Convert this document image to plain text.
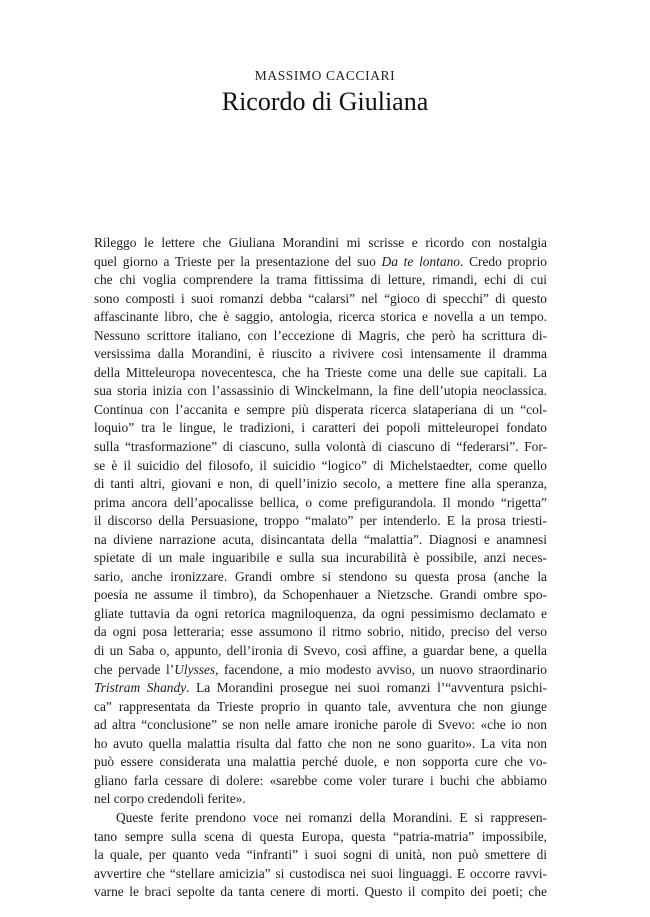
MASSIMO CACCIARI
Ricordo di Giuliana

Rileggo le lettere che Giuliana Morandini mi scrisse e ricordo con nostalgia
quel giorno a Trieste per la presentazione del suo Da te lontano. Credo proprio
che chi voglia comprendere la trama fittissima di letture, rimandi, echi di cui
sono composti i suoi romanzi debba “calarsi” nel “gioco di specchi” di questo
affascinante libro, che è saggio, antologia, ricerca storica e novella a un tempo.
Nessuno scrittore italiano, con l’eccezione di Magris, che però ha scrittura di-
versissima dalla Morandini, è riuscito a rivivere così intensamente il dramma
della Mitteleuropa novecentesca, che ha Trieste come una delle sue capitali. La
sua storia inizia con l’assassinio di Winckelmann, la fine dell’utopia neoclassica.
Continua con l’accanita e sempre più disperata ricerca slataperiana di un “col-
loquio” tra le lingue, le tradizioni, i caratteri dei popoli mitteleuropei fondato
sulla “trasformazione” di ciascuno, sulla volontà di ciascuno di “federarsi”. For-
se è il suicidio del filosofo, il suicidio “logico” di Michelstaedter, come quello
di tanti altri, giovani e non, di quell’inizio secolo, a mettere fine alla speranza,
prima ancora dell’apocalisse bellica, o come prefigurandola. Il mondo “rigetta”
il discorso della Persuasione, troppo “malato” per intenderlo. E la prosa triesti-
na diviene narrazione acuta, disincantata della “malattia”. Diagnosi e anamnesi
spietate di un male inguaribile e sulla sua incurabilità è possibile, anzi neces-
sario, anche ironizzare. Grandi ombre si stendono su questa prosa (anche la
poesia ne assume il timbro), da Schopenhauer a Nietzsche. Grandi ombre spo-
gliate tuttavia da ogni retorica magniloquenza, da ogni pessimismo declamato e
da ogni posa letteraria; esse assumono il ritmo sobrio, nitido, preciso del verso
di un Saba o, appunto, dell’ironia di Svevo, così affine, a guardar bene, a quella
che pervade l’Ulysses, facendone, a mio modesto avviso, un nuovo straordinario
Tristram Shandy. La Morandini prosegue nei suoi romanzi l’“avventura psichi-
ca” rappresentata da Trieste proprio in quanto tale, avventura che non giunge
ad altra “conclusione” se non nelle amare ironiche parole di Svevo: «che io non
ho avuto quella malattia risulta dal fatto che non ne sono guarito». La vita non
può essere considerata una malattia perché duole, e non sopporta cure che vo-
gliano farla cessare di dolere: «sarebbe come voler turare i buchi che abbiamo
nel corpo credendoli ferite».

Queste ferite prendono voce nei romanzi della Morandini. E si rappresen-
tano sempre sulla scena di questa Europa, questa “patria-matria” impossibile,
la quale, per quanto veda “infranti” i suoi sogni di unità, non può smettere di
avvertire che “stellare amicizia” si custodisca nei suoi linguaggi. E occorre ravvi-
varne le braci sepolte da tanta cenere di morti. Questo il compito dei poeti; che
